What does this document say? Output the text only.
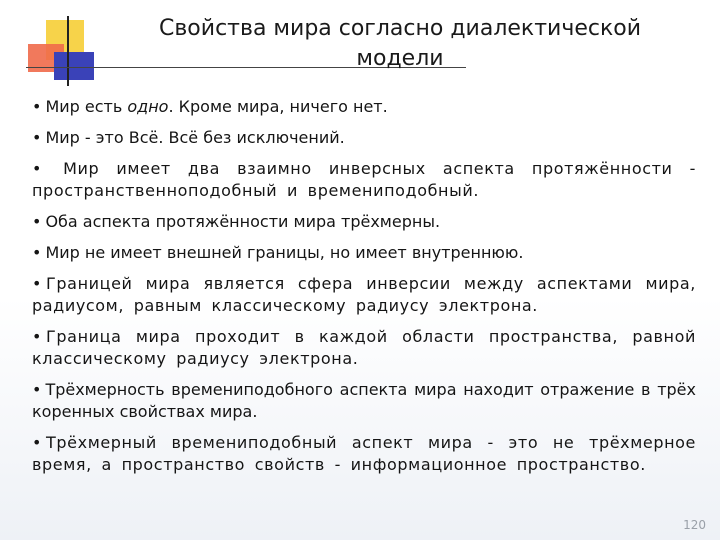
Свойства мира согласно диалектической модели
• Мир есть одно. Кроме мира, ничего нет.
• Мир - это Всё. Всё без исключений.
• Мир имеет два взаимно инверсных аспекта протяжённости - пространственноподобный и времениподобный.
• Оба аспекта протяжённости мира трёхмерны.
• Мир не имеет внешней границы, но имеет внутреннюю.
• Границей мира является сфера инверсии между аспектами мира, радиусом, равным классическому радиусу электрона.
• Граница мира проходит в каждой области пространства, равной классическому радиусу электрона.
• Трёхмерность времениподобного аспекта мира находит отражение в трёх коренных свойствах мира.
• Трёхмерный времениподобный аспект мира - это не трёхмерное время, а пространство свойств - информационное пространство.
120
